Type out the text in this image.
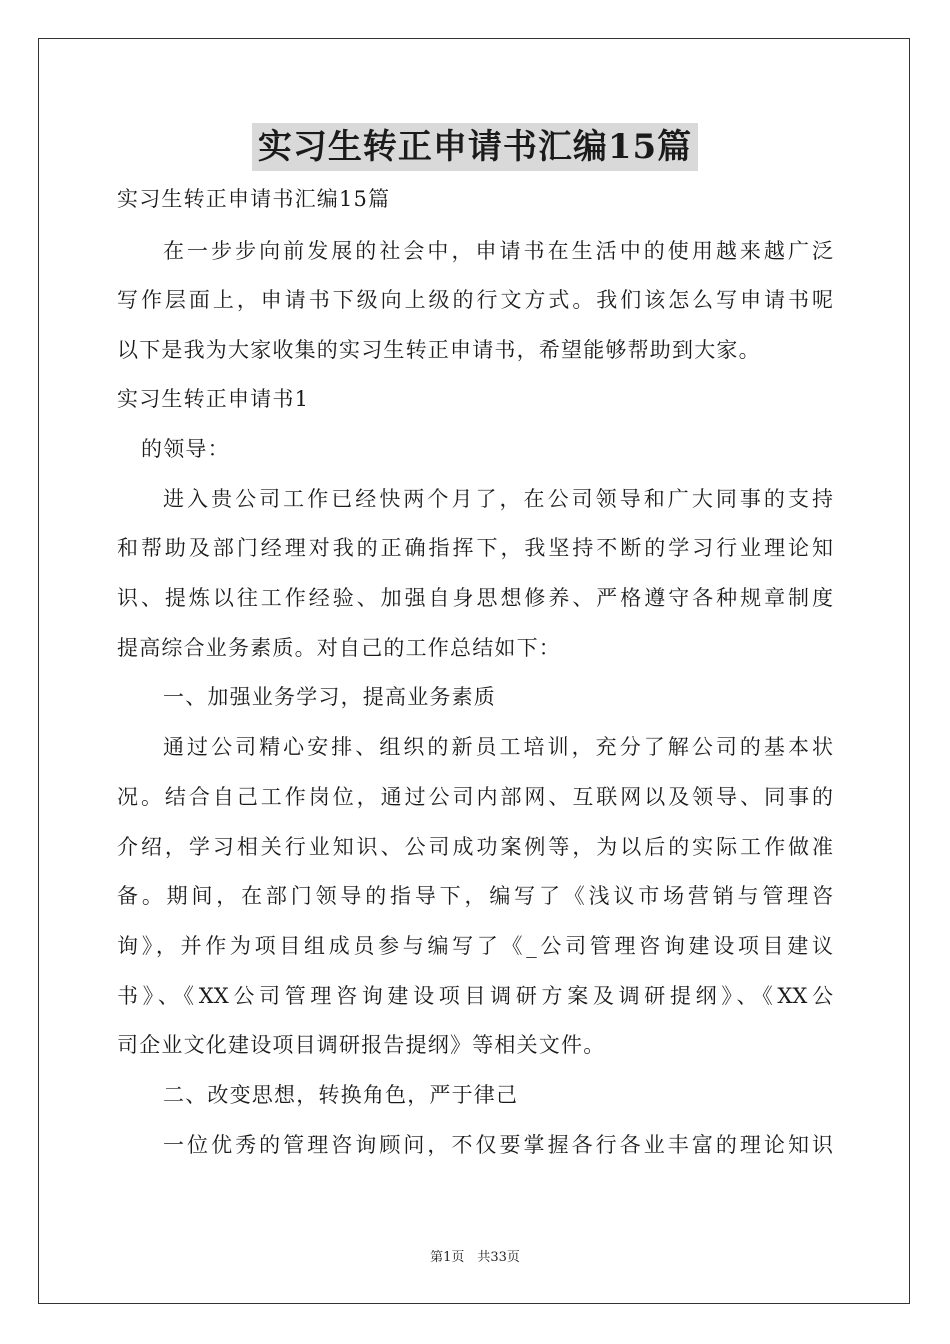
实习生转正申请书汇编15篇
实习生转正申请书汇编15篇
在一步步向前发展的社会中，申请书在生活中的使用越来越广泛
写作层面上，申请书下级向上级的行文方式。我们该怎么写申请书呢
以下是我为大家收集的实习生转正申请书，希望能够帮助到大家。
实习生转正申请书1
的领导：
进入贵公司工作已经快两个月了，在公司领导和广大同事的支持
和帮助及部门经理对我的正确指挥下，我坚持不断的学习行业理论知
识、提炼以往工作经验、加强自身思想修养、严格遵守各种规章制度
提高综合业务素质。对自己的工作总结如下：
一、加强业务学习，提高业务素质
通过公司精心安排、组织的新员工培训，充分了解公司的基本状
况。结合自己工作岗位，通过公司内部网、互联网以及领导、同事的
介绍，学习相关行业知识、公司成功案例等，为以后的实际工作做准
备。期间，在部门领导的指导下，编写了《浅议市场营销与管理咨
询》，并作为项目组成员参与编写了《_公司管理咨询建设项目建议
书》、《XX公司管理咨询建设项目调研方案及调研提纲》、《XX公
司企业文化建设项目调研报告提纲》等相关文件。
二、改变思想，转换角色，严于律己
一位优秀的管理咨询顾问，不仅要掌握各行各业丰富的理论知识
第1页　共33页
